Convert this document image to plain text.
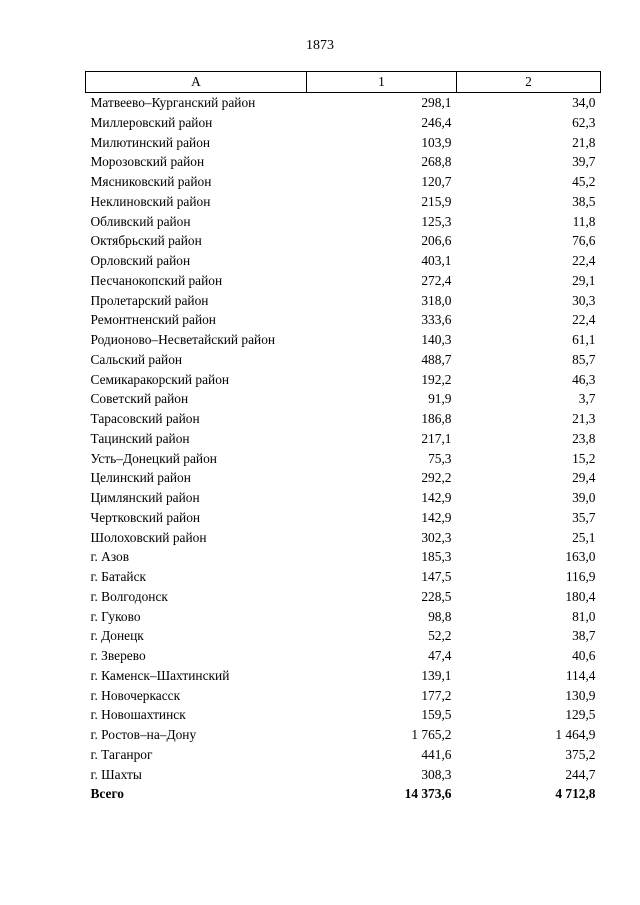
1873
А	1	2
Матвеево–Курганский район	298,1	34,0
Миллеровский район	246,4	62,3
Милютинский район	103,9	21,8
Морозовский район	268,8	39,7
Мясниковский район	120,7	45,2
Неклиновский район	215,9	38,5
Обливский район	125,3	11,8
Октябрьский район	206,6	76,6
Орловский район	403,1	22,4
Песчанокопский район	272,4	29,1
Пролетарский район	318,0	30,3
Ремонтненский район	333,6	22,4
Родионово–Несветайский район	140,3	61,1
Сальский район	488,7	85,7
Семикаракорский район	192,2	46,3
Советский район	91,9	3,7
Тарасовский район	186,8	21,3
Тацинский район	217,1	23,8
Усть–Донецкий район	75,3	15,2
Целинский район	292,2	29,4
Цимлянский район	142,9	39,0
Чертковский район	142,9	35,7
Шолоховский район	302,3	25,1
г. Азов	185,3	163,0
г. Батайск	147,5	116,9
г. Волгодонск	228,5	180,4
г. Гуково	98,8	81,0
г. Донецк	52,2	38,7
г. Зверево	47,4	40,6
г. Каменск–Шахтинский	139,1	114,4
г. Новочеркасск	177,2	130,9
г. Новошахтинск	159,5	129,5
г. Ростов–на–Дону	1 765,2	1 464,9
г. Таганрог	441,6	375,2
г. Шахты	308,3	244,7
Всего	14 373,6	4 712,8
